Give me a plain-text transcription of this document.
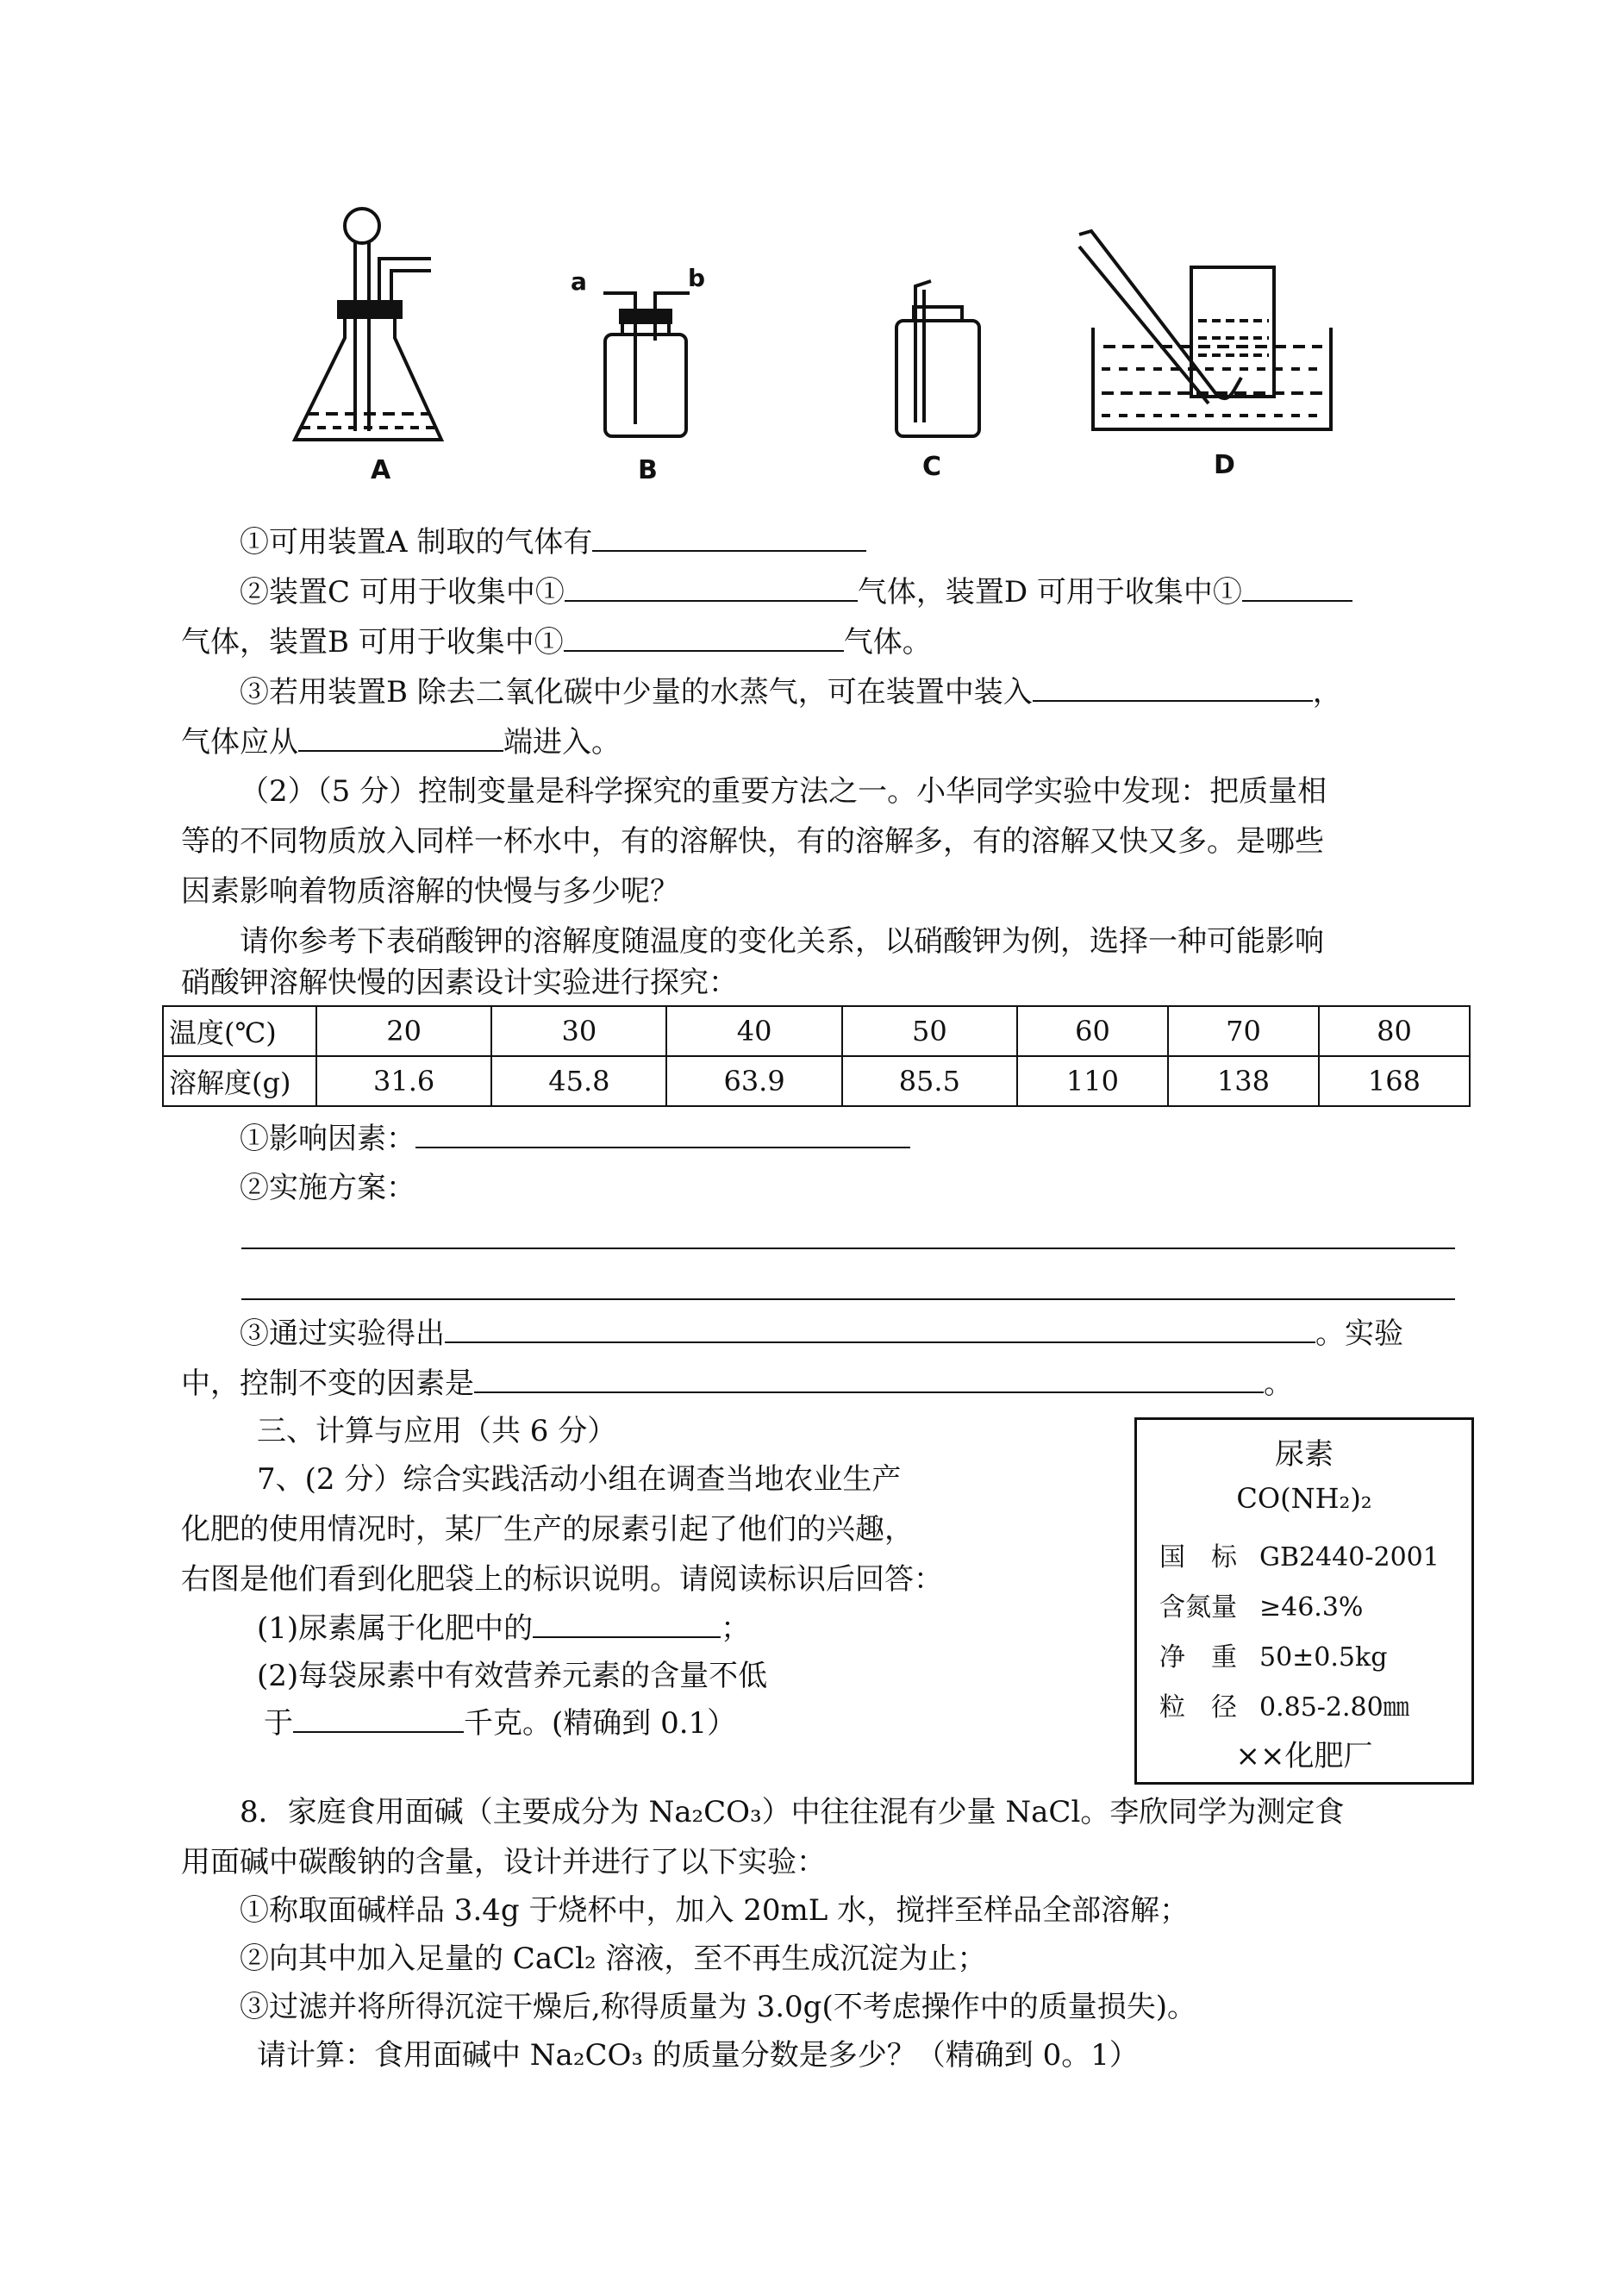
A	B	C	D
a	b
①可用装置A 制取的气体有
②装置C 可用于收集中①	气体，装置D 可用于收集中①
气体，装置B 可用于收集中①	气体。
③若用装置B 除去二氧化碳中少量的水蒸气，可在装置中装入	，
气体应从	端进入。
（2）（5 分）控制变量是科学探究的重要方法之一。小华同学实验中发现：把质量相
等的不同物质放入同样一杯水中，有的溶解快，有的溶解多，有的溶解又快又多。是哪些
因素影响着物质溶解的快慢与多少呢？
请你参考下表硝酸钾的溶解度随温度的变化关系，以硝酸钾为例，选择一种可能影响
硝酸钾溶解快慢的因素设计实验进行探究：
温度(℃)	20	30	40	50	60	70	80
溶解度(g)	31.6	45.8	63.9	85.5	110	138	168
①影响因素：
②实施方案：
③通过实验得出	。实验
中，控制不变的因素是	。
三、计算与应用（共 6 分）
7、(2 分）综合实践活动小组在调查当地农业生产
化肥的使用情况时，某厂生产的尿素引起了他们的兴趣，
右图是他们看到化肥袋上的标识说明。请阅读标识后回答：
(1)尿素属于化肥中的	；
(2)每袋尿素中有效营养元素的含量不低
于	千克。(精确到 0.1）
尿素
CO(NH₂)₂
国　标 GB2440-2001
含氮量 ≥46.3%
净　重 50±0.5kg
粒　径 0.85-2.80㎜
××化肥厂
8．家庭食用面碱（主要成分为 Na₂CO₃）中往往混有少量 NaCl。李欣同学为测定食
用面碱中碳酸钠的含量，设计并进行了以下实验：
①称取面碱样品 3.4g 于烧杯中，加入 20mL 水，搅拌至样品全部溶解；
②向其中加入足量的 CaCl₂ 溶液，至不再生成沉淀为止；
③过滤并将所得沉淀干燥后,称得质量为 3.0g(不考虑操作中的质量损失)。
请计算：食用面碱中 Na₂CO₃ 的质量分数是多少？（精确到 0。1）
